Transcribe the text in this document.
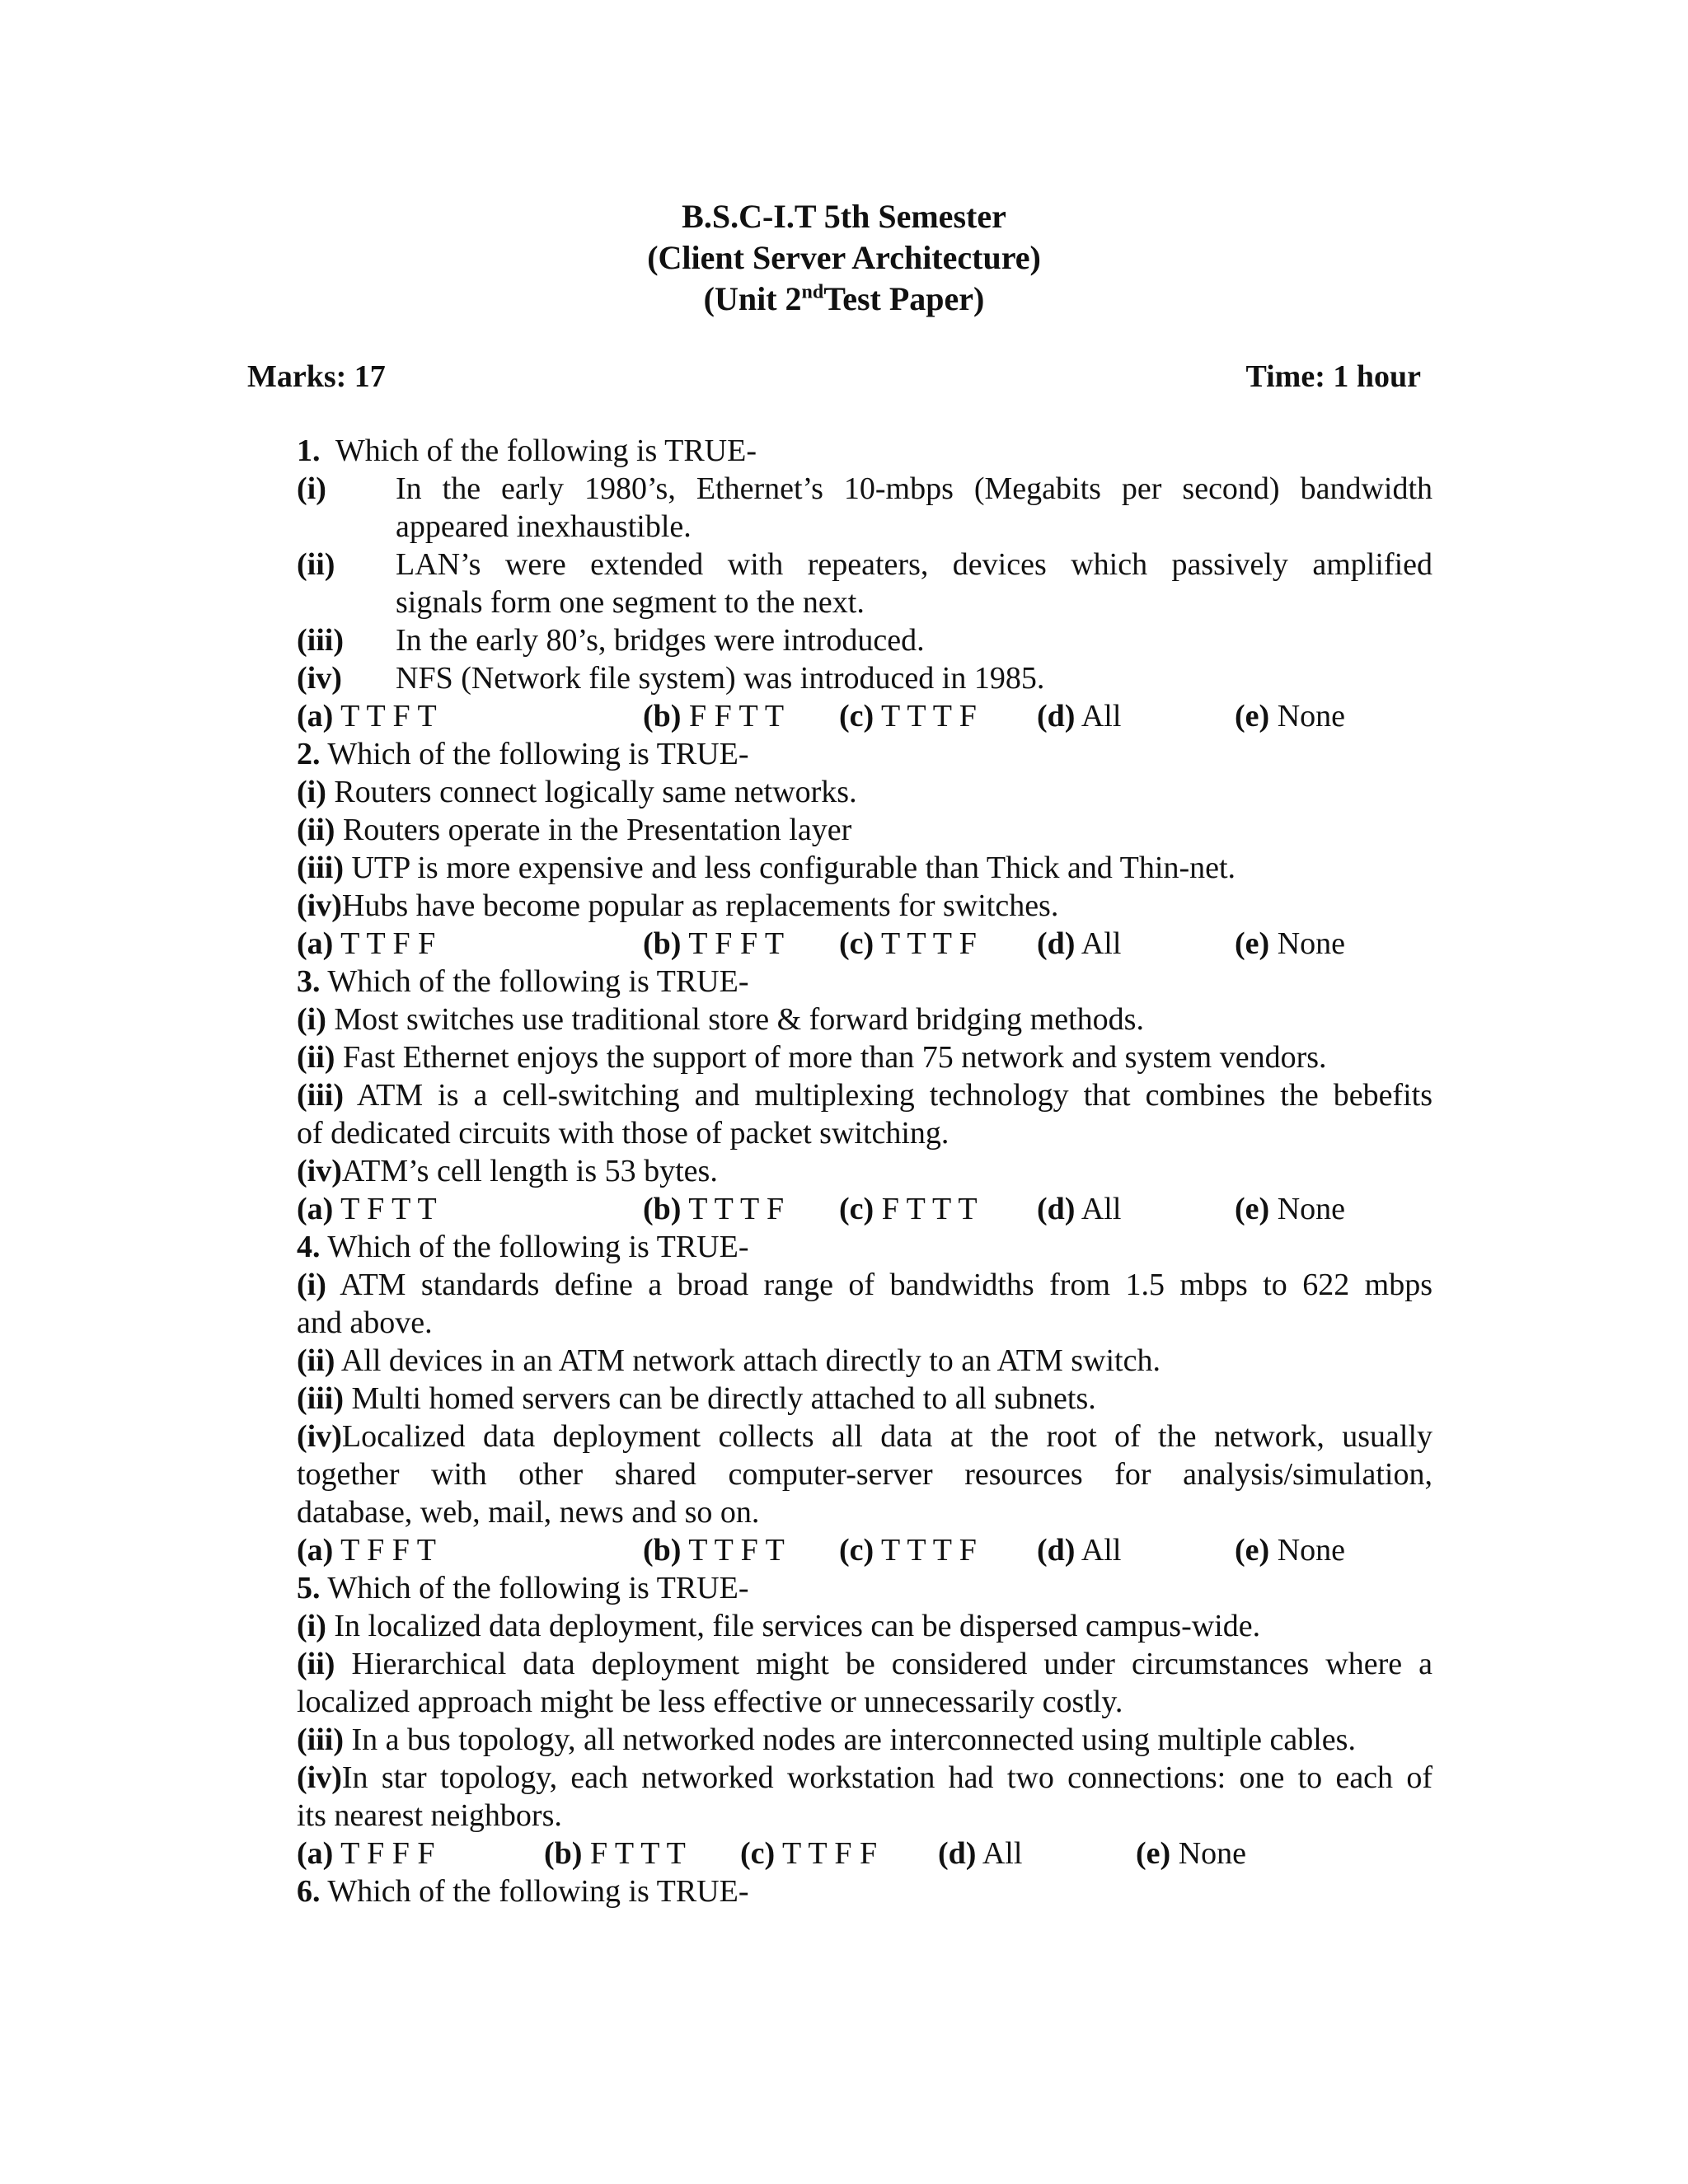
B.S.C-I.T 5th Semester
(Client Server Architecture)
(Unit 2ndTest Paper)
Marks: 17	Time: 1 hour
1. Which of the following is TRUE-
(i)	In the early 1980’s, Ethernet’s 10-mbps (Megabits per second) bandwidth
appeared inexhaustible.
(ii)	LAN’s were extended with repeaters, devices which passively amplified
signals form one segment to the next.
(iii)	In the early 80’s, bridges were introduced.
(iv)	NFS (Network file system) was introduced in 1985.
(a) T T F T	(b) F F T T (c) T T T F (d) All	(e) None
2. Which of the following is TRUE-
(i) Routers connect logically same networks.
(ii) Routers operate in the Presentation layer
(iii) UTP is more expensive and less configurable than Thick and Thin-net.
(iv)Hubs have become popular as replacements for switches.
(a) T T F F	(b) T F F T (c) T T T F (d) All	(e) None
3. Which of the following is TRUE-
(i) Most switches use traditional store & forward bridging methods.
(ii) Fast Ethernet enjoys the support of more than 75 network and system vendors.
(iii) ATM is a cell-switching and multiplexing technology that combines the bebefits
of dedicated circuits with those of packet switching.
(iv)ATM’s cell length is 53 bytes.
(a) T F T T	(b) T T T F (c) F T T T (d) All	(e) None
4. Which of the following is TRUE-
(i) ATM standards define a broad range of bandwidths from 1.5 mbps to 622 mbps
and above.
(ii) All devices in an ATM network attach directly to an ATM switch.
(iii) Multi homed servers can be directly attached to all subnets.
(iv)Localized data deployment collects all data at the root of the network, usually
together with other shared computer-server resources for analysis/simulation,
database, web, mail, news and so on.
(a) T F F T	(b) T T F T (c) T T T F (d) All	(e) None
5. Which of the following is TRUE-
(i) In localized data deployment, file services can be dispersed campus-wide.
(ii) Hierarchical data deployment might be considered under circumstances where a
localized approach might be less effective or unnecessarily costly.
(iii) In a bus topology, all networked nodes are interconnected using multiple cables.
(iv)In star topology, each networked workstation had two connections: one to each of
its nearest neighbors.
(a) T F F F	(b) F T T T (c) T T F F (d) All	(e) None
6. Which of the following is TRUE-
